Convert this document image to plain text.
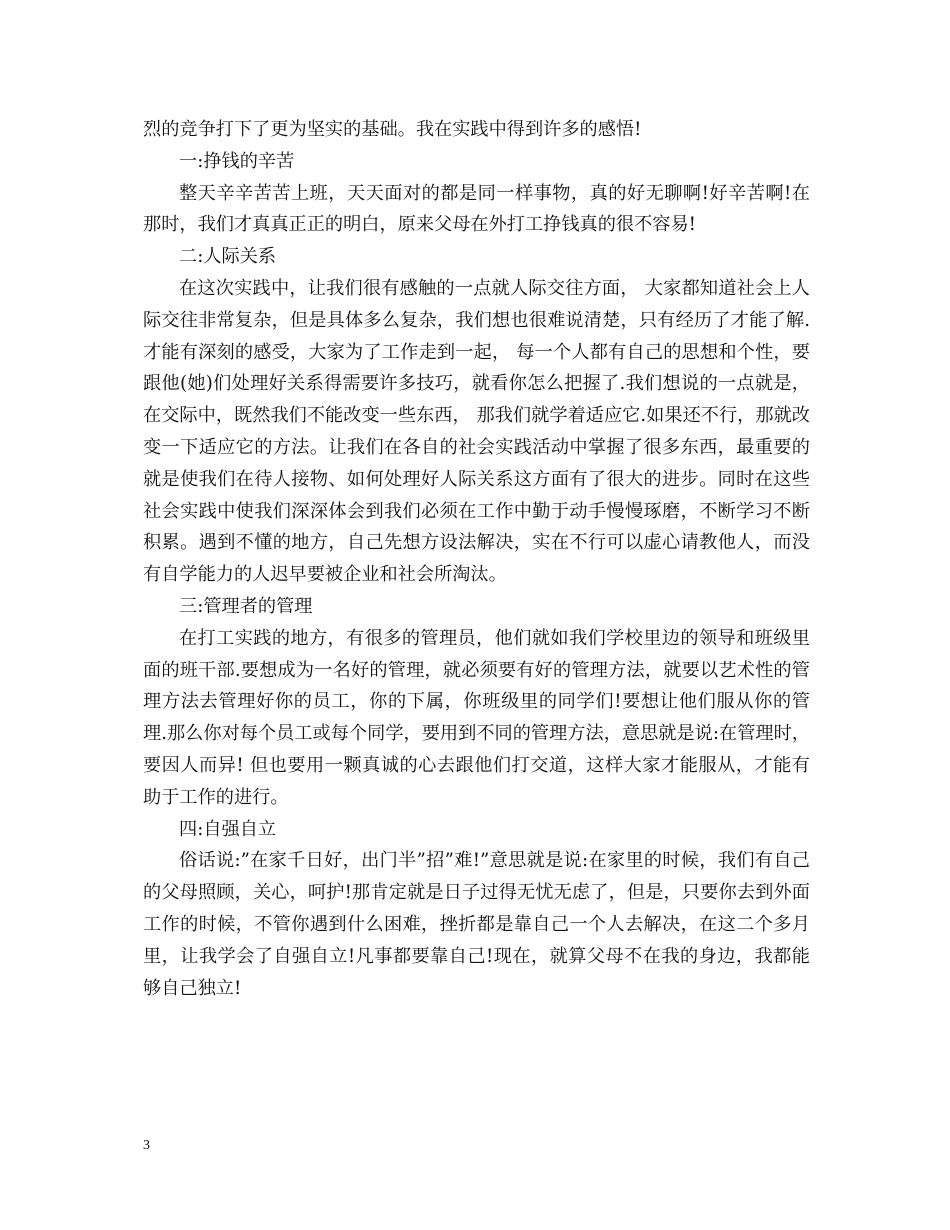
烈的竞争打下了更为坚实的基础。我在实践中得到许多的感悟!

一:挣钱的辛苦

整天辛辛苦苦上班，天天面对的都是同一样事物，真的好无聊啊!好辛苦啊!在那时，我们才真真正正的明白，原来父母在外打工挣钱真的很不容易!

二:人际关系

在这次实践中，让我们很有感触的一点就人际交往方面， 大家都知道社会上人际交往非常复杂，但是具体多么复杂，我们想也很难说清楚，只有经历了才能了解.才能有深刻的感受，大家为了工作走到一起， 每一个人都有自己的思想和个性，要跟他(她)们处理好关系得需要许多技巧，就看你怎么把握了.我们想说的一点就是，在交际中，既然我们不能改变一些东西， 那我们就学着适应它.如果还不行，那就改变一下适应它的方法。让我们在各自的社会实践活动中掌握了很多东西，最重要的就是使我们在待人接物、如何处理好人际关系这方面有了很大的进步。同时在这些社会实践中使我们深深体会到我们必须在工作中勤于动手慢慢琢磨，不断学习不断积累。遇到不懂的地方，自己先想方设法解决，实在不行可以虚心请教他人，而没有自学能力的人迟早要被企业和社会所淘汰。

三:管理者的管理

在打工实践的地方，有很多的管理员，他们就如我们学校里边的领导和班级里面的班干部.要想成为一名好的管理，就必须要有好的管理方法，就要以艺术性的管理方法去管理好你的员工，你的下属，你班级里的同学们!要想让他们服从你的管理.那么你对每个员工或每个同学，要用到不同的管理方法，意思就是说:在管理时，要因人而异! 但也要用一颗真诚的心去跟他们打交道，这样大家才能服从，才能有助于工作的进行。

四:自强自立

俗话说:”在家千日好，出门半”招”难!”意思就是说:在家里的时候，我们有自己的父母照顾，关心，呵护!那肯定就是日子过得无忧无虑了，但是，只要你去到外面工作的时候，不管你遇到什么困难，挫折都是靠自己一个人去解决，在这二个多月里，让我学会了自强自立!凡事都要靠自己!现在，就算父母不在我的身边，我都能够自己独立!

3
